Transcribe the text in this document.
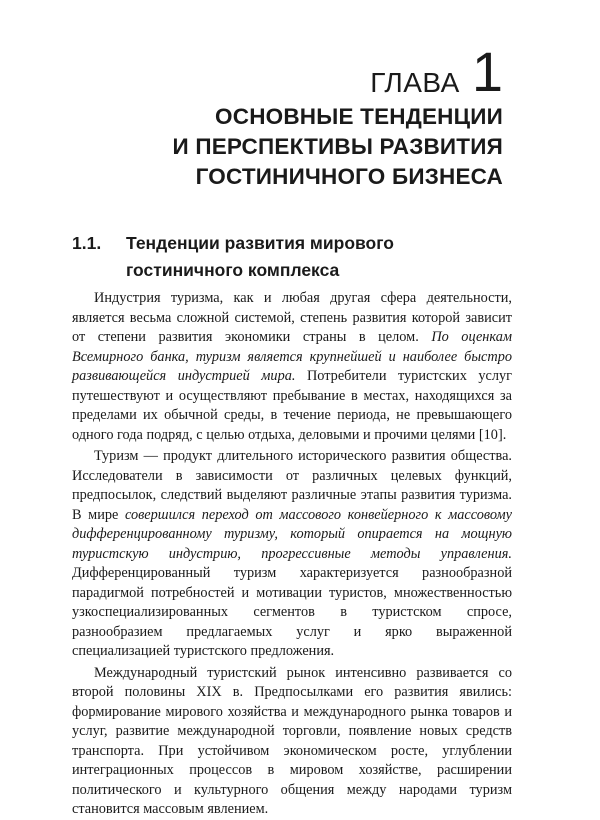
ГЛАВА 1
ОСНОВНЫЕ ТЕНДЕНЦИИ
И ПЕРСПЕКТИВЫ РАЗВИТИЯ
ГОСТИНИЧНОГО БИЗНЕСА
1.1.	Тенденции развития мирового
гостиничного комплекса

Индустрия туризма, как и любая другая сфера деятельности, является весьма сложной системой, степень развития которой зависит от степени развития экономики страны в целом. По оценкам Всемирного банка, туризм является крупнейшей и наиболее быстро развивающейся индустрией мира. Потребители туристских услуг путешествуют и осуществляют пребывание в местах, находящихся за пределами их обычной среды, в течение периода, не превышающего одного года подряд, с целью отдыха, деловыми и прочими целями [10].

Туризм — продукт длительного исторического развития общества. Исследователи в зависимости от различных целевых функций, предпосылок, следствий выделяют различные этапы развития туризма. В мире совершился переход от массового конвейерного к массовому дифференцированному туризму, который опирается на мощную туристскую индустрию, прогрессивные методы управления. Дифференцированный туризм характеризуется разнообразной парадигмой потребностей и мотивации туристов, множественностью узкоспециализированных сегментов в туристском спросе, разнообразием предлагаемых услуг и ярко выраженной специализацией туристского предложения.

Международный туристский рынок интенсивно развивается со второй половины XIX в. Предпосылками его развития явились: формирование мирового хозяйства и международного рынка товаров и услуг, развитие международной торговли, появление новых средств транспорта. При устойчивом экономическом росте, углублении интеграционных процессов в мировом хозяйстве, расширении политического и культурного общения между народами туризм становится массовым явлением.
